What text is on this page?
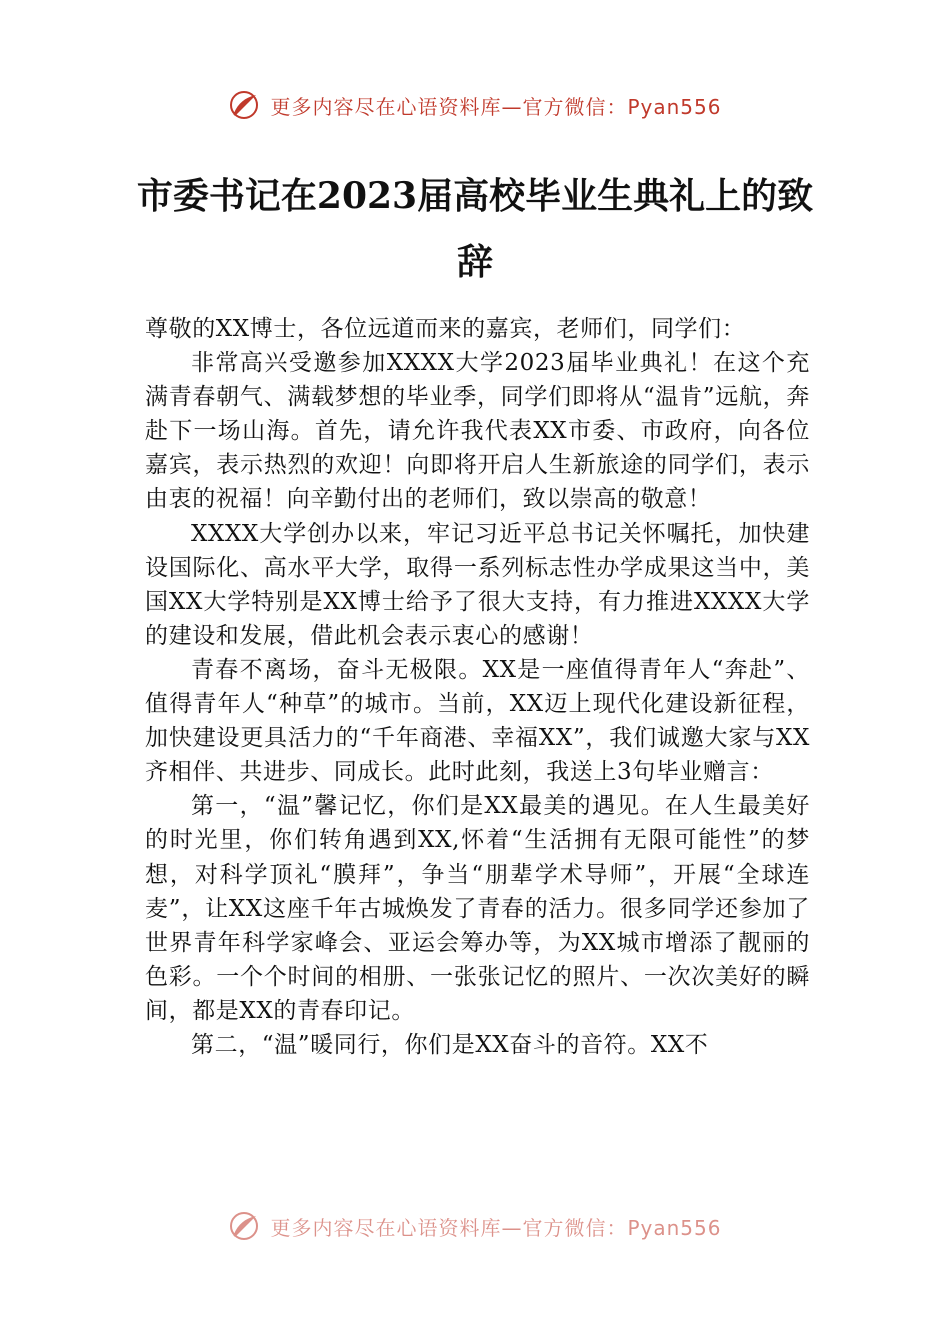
更多内容尽在心语资料库—官方微信：Pyan556
市委书记在2023届高校毕业生典礼上的致
辞

尊敬的XX博士，各位远道而来的嘉宾，老师们，同学们：

非常高兴受邀参加XXXX大学2023届毕业典礼！在这个充满青春朝气、满载梦想的毕业季，同学们即将从“温肯”远航，奔赴下一场山海。首先，请允许我代表XX市委、市政府，向各位嘉宾，表示热烈的欢迎！向即将开启人生新旅途的同学们，表示由衷的祝福！向辛勤付出的老师们，致以崇高的敬意！

XXXX大学创办以来，牢记习近平总书记关怀嘱托，加快建设国际化、高水平大学，取得一系列标志性办学成果这当中，美国XX大学特别是XX博士给予了很大支持，有力推进XXXX大学的建设和发展，借此机会表示衷心的感谢！

青春不离场，奋斗无极限。XX是一座值得青年人“奔赴”、值得青年人“种草”的城市。当前，XX迈上现代化建设新征程，加快建设更具活力的“千年商港、幸福XX”，我们诚邀大家与XX齐相伴、共进步、同成长。此时此刻，我送上3句毕业赠言：

第一，“温”馨记忆，你们是XX最美的遇见。在人生最美好的时光里，你们转角遇到XX,怀着“生活拥有无限可能性”的梦想，对科学顶礼“膜拜”，争当“朋辈学术导师”，开展“全球连麦”，让XX这座千年古城焕发了青春的活力。很多同学还参加了世界青年科学家峰会、亚运会筹办等，为XX城市增添了靓丽的色彩。一个个时间的相册、一张张记忆的照片、一次次美好的瞬间，都是XX的青春印记。

第二，“温”暖同行，你们是XX奋斗的音符。XX不

更多内容尽在心语资料库—官方微信：Pyan556
